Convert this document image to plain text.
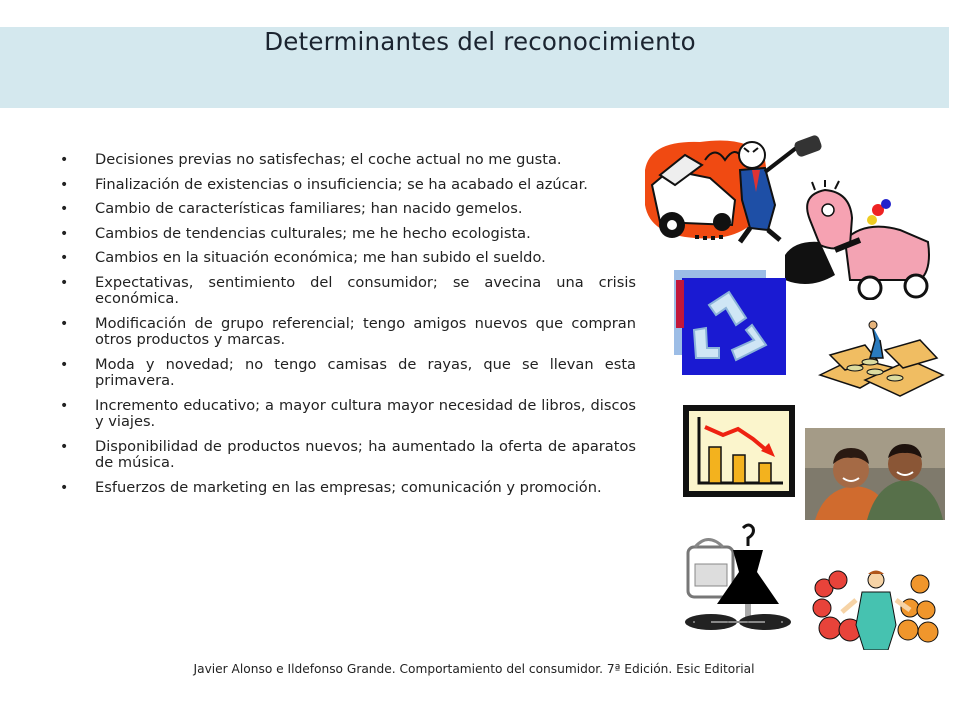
Determinantes del reconocimiento
• Decisiones previas no satisfechas; el coche actual no me gusta.
• Finalización de existencias o insuficiencia; se ha acabado el azúcar.
• Cambio de características familiares; han nacido gemelos.
• Cambios de tendencias culturales; me he hecho ecologista.
• Cambios en la situación económica; me han subido el sueldo.
• Expectativas, sentimiento del consumidor; se avecina una crisis económica.
• Modificación de grupo referencial; tengo amigos nuevos que compran otros productos y marcas.
• Moda y novedad; no tengo camisas de rayas, que se llevan esta primavera.
• Incremento educativo; a mayor cultura mayor necesidad de libros, discos y viajes.
• Disponibilidad de productos nuevos; ha aumentado la oferta de aparatos de música.
• Esfuerzos de marketing en las empresas; comunicación y promoción.
Javier Alonso e Ildefonso Grande. Comportamiento del consumidor. 7ª Edición. Esic Editorial
